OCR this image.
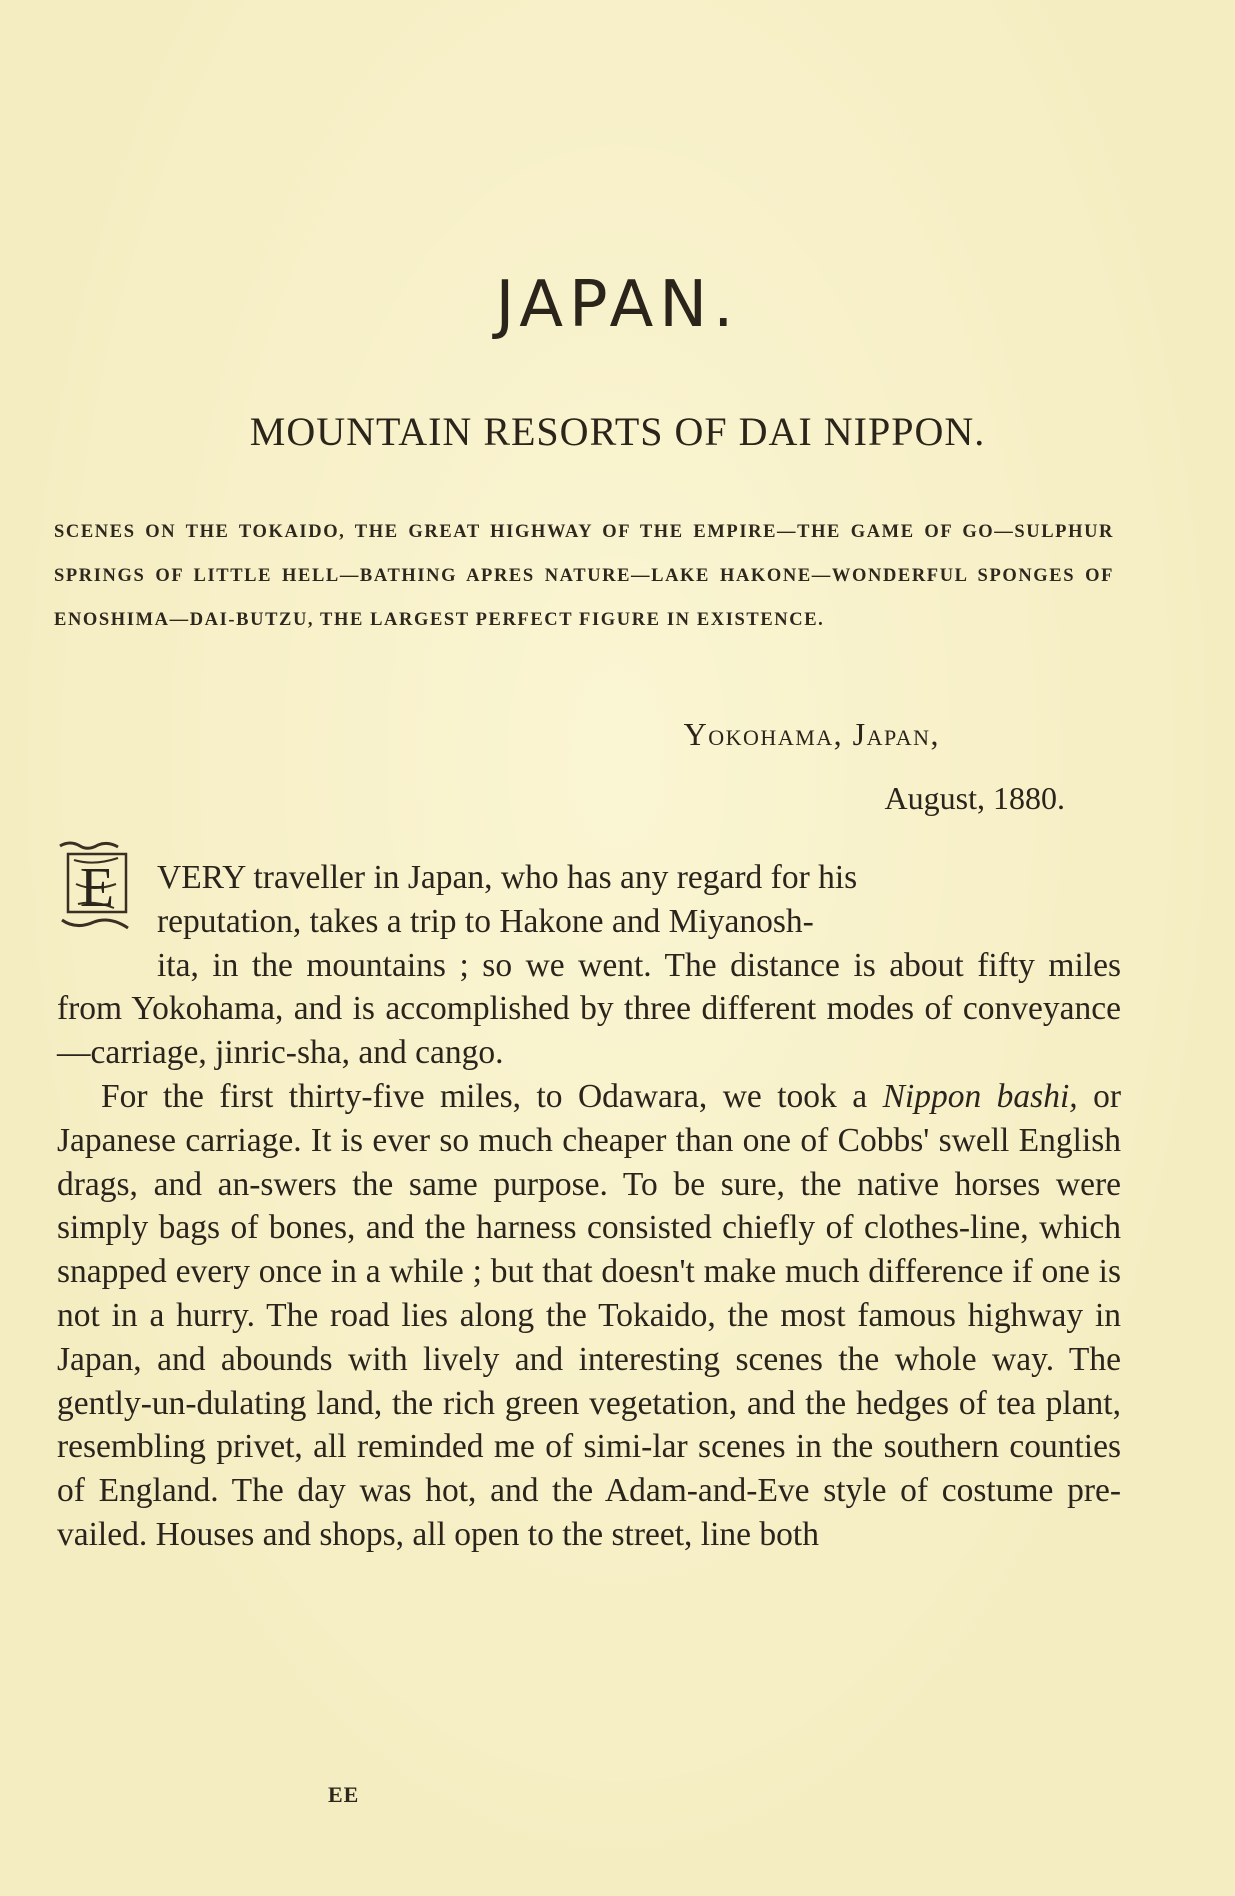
JAPAN.
MOUNTAIN RESORTS OF DAI NIPPON.
SCENES ON THE TOKAIDO, THE GREAT HIGHWAY OF THE EMPIRE—THE GAME OF GO—SULPHUR SPRINGS OF LITTLE HELL—BATHING APRES NATURE—LAKE HAKONE—WONDERFUL SPONGES OF ENOSHIMA—DAI-BUTZU, THE LARGEST PERFECT FIGURE IN EXISTENCE.
Yokohama, Japan,
August, 1880.
E	VERY traveller in Japan, who has any regard for his
reputation, takes a trip to Hakone and Miyanosh-
ita, in the mountains ; so we went. The distance is about fifty miles from Yokohama, and is accomplished by three different modes of conveyance—carriage, jinric-sha, and cango.

For the first thirty-five miles, to Odawara, we took a Nippon bashi, or Japanese carriage. It is ever so much cheaper than one of Cobbs' swell English drags, and an-swers the same purpose. To be sure, the native horses were simply bags of bones, and the harness consisted chiefly of clothes-line, which snapped every once in a while ; but that doesn't make much difference if one is not in a hurry. The road lies along the Tokaido, the most famous highway in Japan, and abounds with lively and interesting scenes the whole way. The gently-un-dulating land, the rich green vegetation, and the hedges of tea plant, resembling privet, all reminded me of simi-lar scenes in the southern counties of England. The day was hot, and the Adam-and-Eve style of costume pre-vailed. Houses and shops, all open to the street, line both

EE
